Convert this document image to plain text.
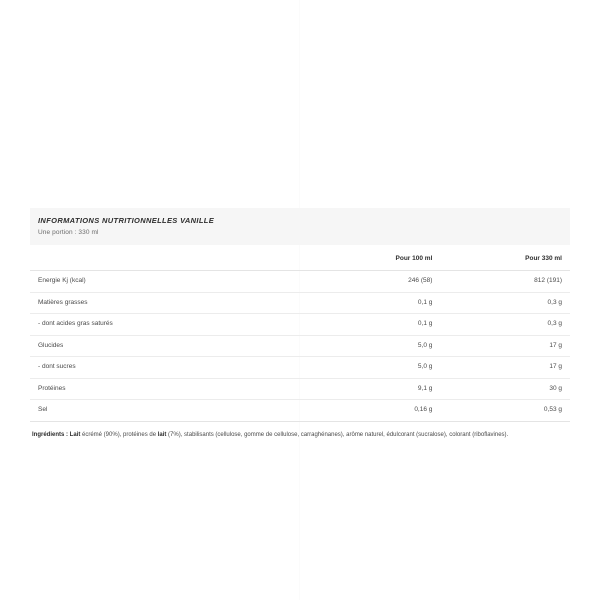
INFORMATIONS NUTRITIONNELLES VANILLE
Une portion : 330 ml
	Pour 100 ml	Pour 330 ml
Energie Kj (kcal)	246 (58)	812 (191)
Matières grasses	0,1 g	0,3 g
- dont acides gras saturés	0,1 g	0,3 g
Glucides	5,0 g	17 g
- dont sucres	5,0 g	17 g
Protéines	9,1 g	30 g
Sel	0,16 g	0,53 g
Ingrédients : Lait écrémé (90%), protéines de lait (7%), stabilisants (cellulose, gomme de cellulose, carraghénanes), arôme naturel, édulcorant (sucralose), colorant (riboflavines).
